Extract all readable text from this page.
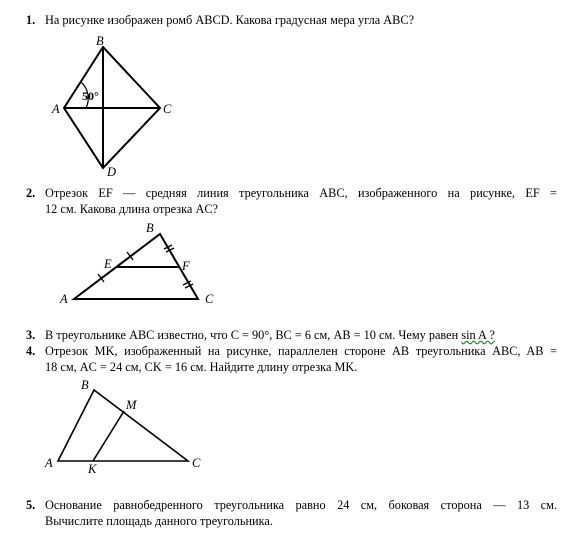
1. На рисунке изображен ромб ABCD. Какова градусная мера угла ABC?
2. Отрезок EF — средняя линия треугольника ABC, изображенного на рисунке, EF =
12 см. Какова длина отрезка AC?
3. В треугольнике ABC известно, что C = 90°, BC = 6 см, AB = 10 см. Чему равен sin A ?
4. Отрезок MK, изображенный на рисунке, параллелен стороне AB треугольника ABC, AB =
18 см, AC = 24 см, CK = 16 см. Найдите длину отрезка MK.
5. Основание равнобедренного треугольника равно 24 см, боковая сторона — 13 см.
Вычислите площадь данного треугольника.
B
A	C
D
50°
B
E	F
A	C
B
M
A	K	C
